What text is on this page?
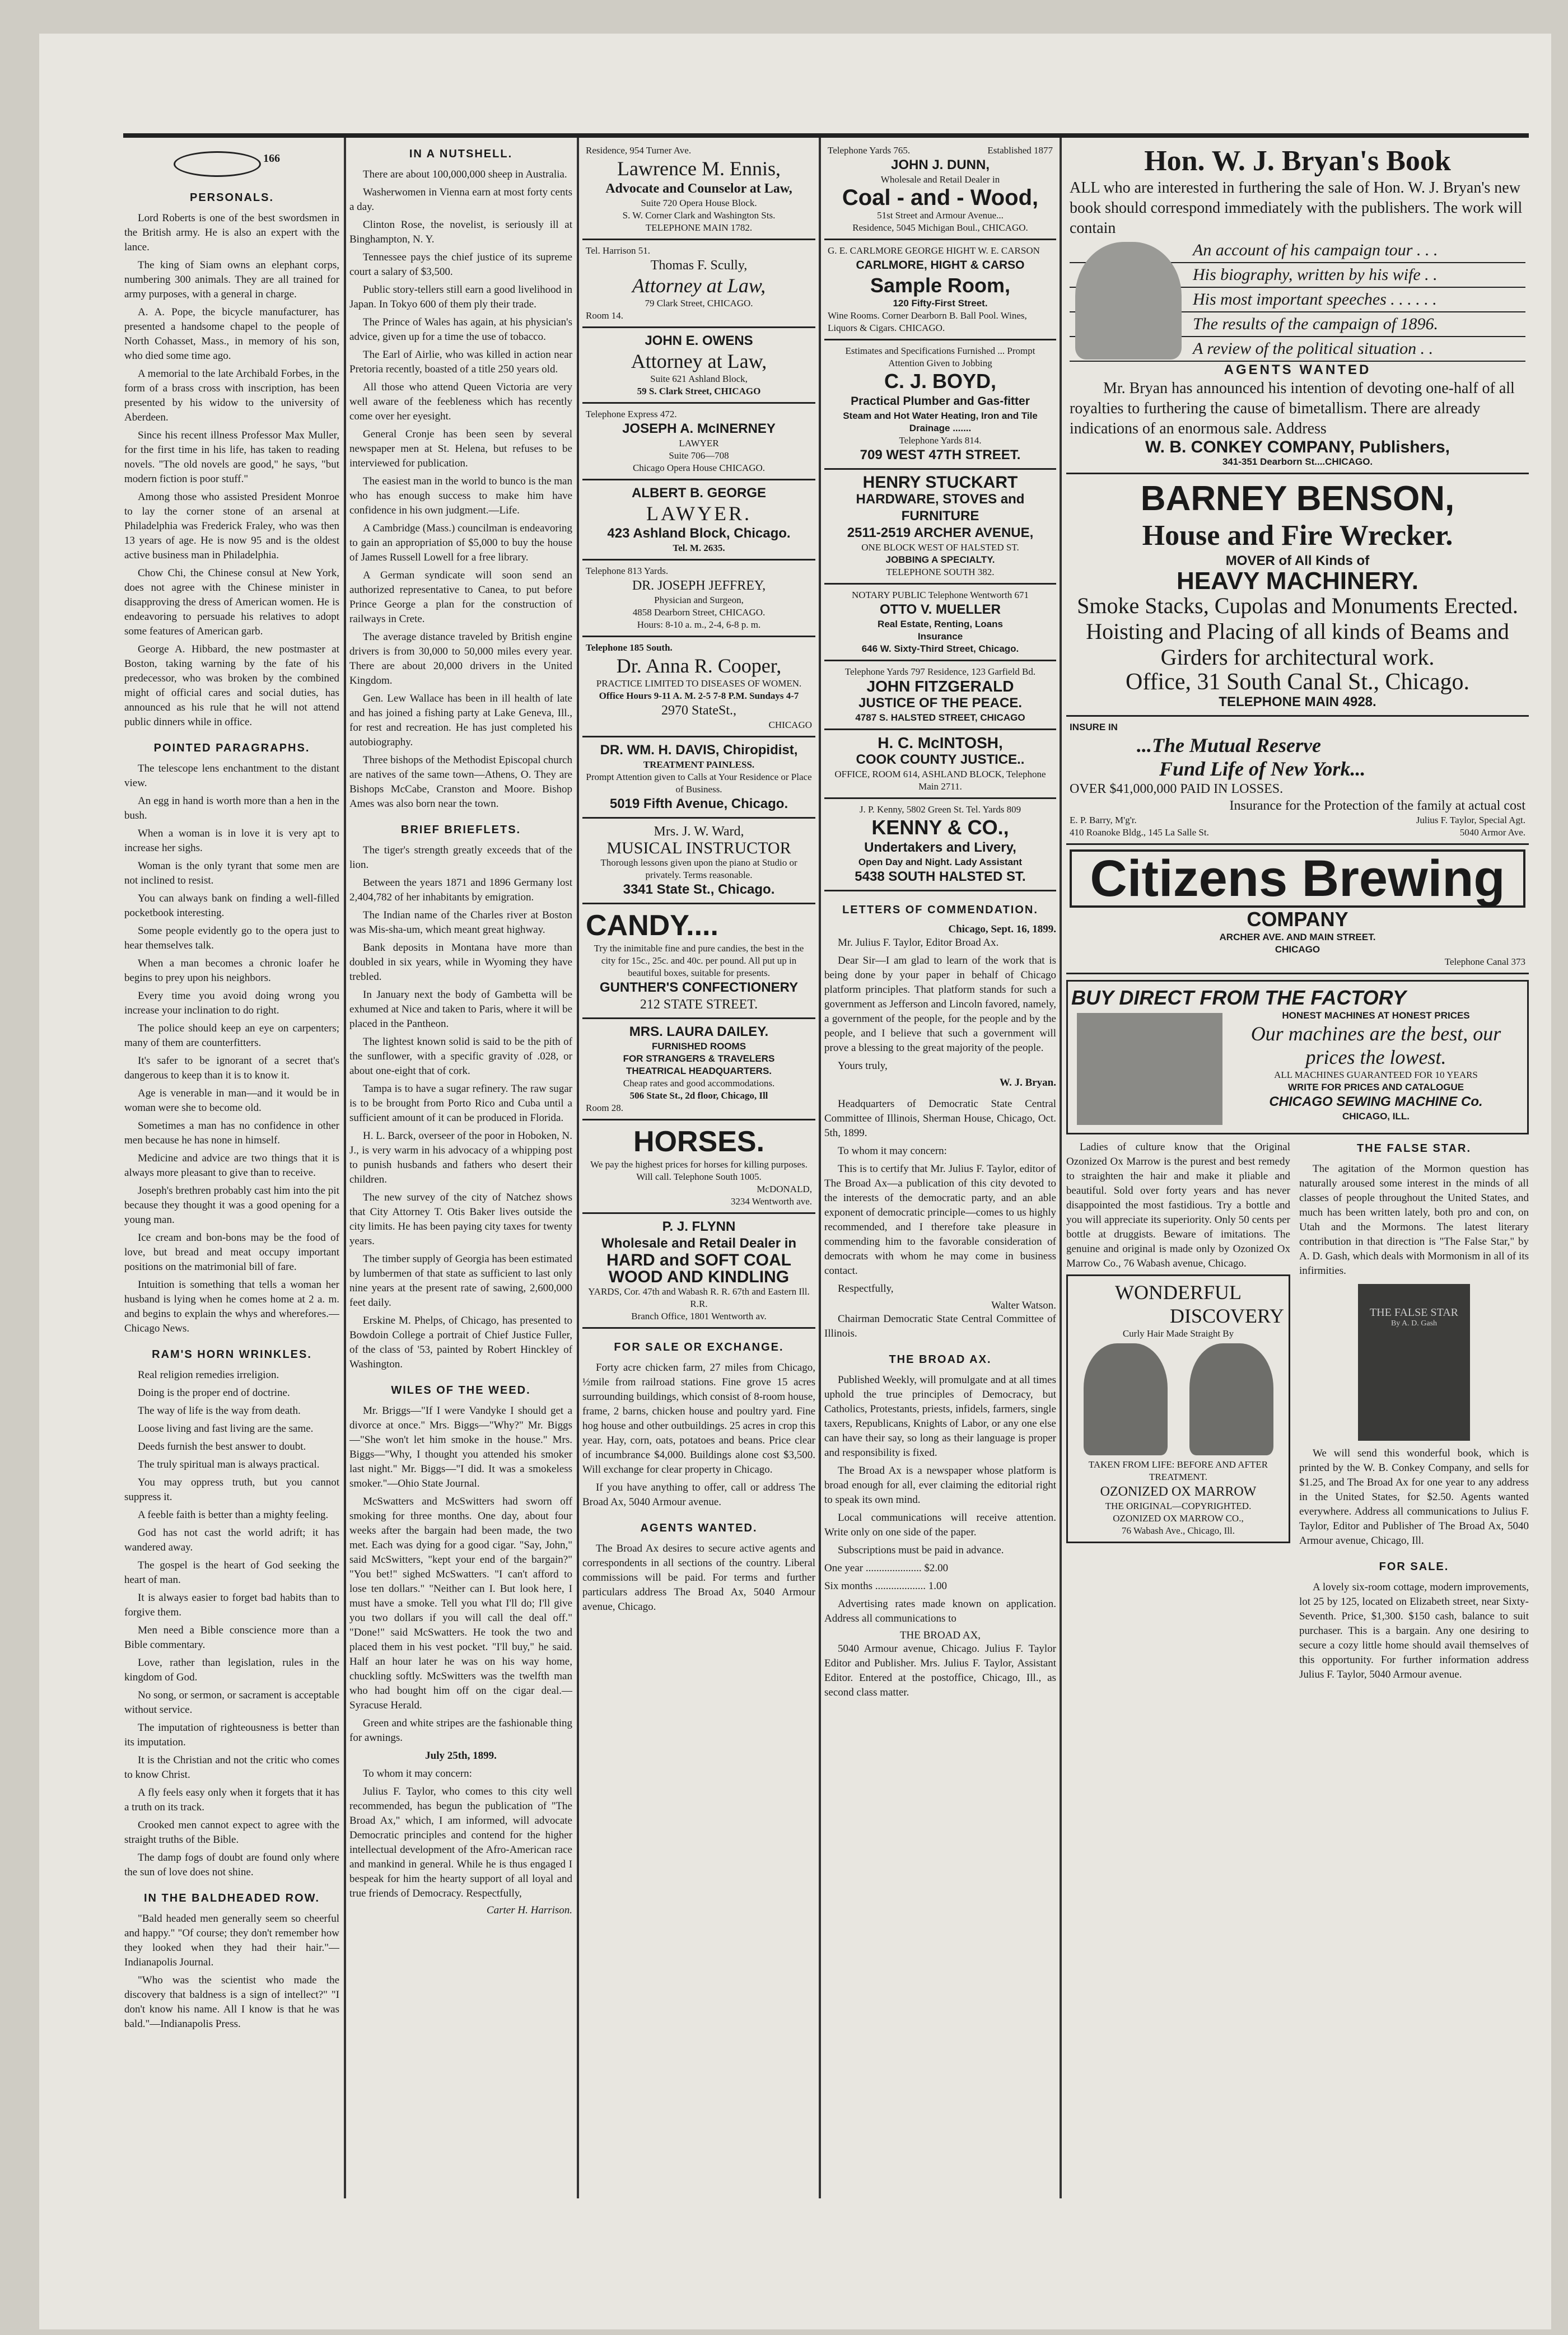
166
PERSONALS.

Lord Roberts is one of the best swordsmen in the British army. He is also an expert with the lance.

The king of Siam owns an elephant corps, numbering 300 animals. They are all trained for army purposes, with a general in charge.

A. A. Pope, the bicycle manufacturer, has presented a handsome chapel to the people of North Cohasset, Mass., in memory of his son, who died some time ago.

A memorial to the late Archibald Forbes, in the form of a brass cross with inscription, has been presented by his widow to the university of Aberdeen.

Since his recent illness Professor Max Muller, for the first time in his life, has taken to reading novels. "The old novels are good," he says, "but modern fiction is poor stuff."

Among those who assisted President Monroe to lay the corner stone of an arsenal at Philadelphia was Frederick Fraley, who was then 13 years of age. He is now 95 and is the oldest active business man in Philadelphia.

Chow Chi, the Chinese consul at New York, does not agree with the Chinese minister in disapproving the dress of American women. He is endeavoring to persuade his relatives to adopt some features of American garb.

George A. Hibbard, the new postmaster at Boston, taking warning by the fate of his predecessor, who was broken by the combined might of official cares and social duties, has announced as his rule that he will not attend public dinners while in office.

POINTED PARAGRAPHS.

The telescope lens enchantment to the distant view.

An egg in hand is worth more than a hen in the bush.

When a woman is in love it is very apt to increase her sighs.

Woman is the only tyrant that some men are not inclined to resist.

You can always bank on finding a well-filled pocketbook interesting.

Some people evidently go to the opera just to hear themselves talk.

When a man becomes a chronic loafer he begins to prey upon his neighbors.

Every time you avoid doing wrong you increase your inclination to do right.

The police should keep an eye on carpenters; many of them are counterfitters.

It's safer to be ignorant of a secret that's dangerous to keep than it is to know it.

Age is venerable in man—and it would be in woman were she to become old.

Sometimes a man has no confidence in other men because he has none in himself.

Medicine and advice are two things that it is always more pleasant to give than to receive.

Joseph's brethren probably cast him into the pit because they thought it was a good opening for a young man.

Ice cream and bon-bons may be the food of love, but bread and meat occupy important positions on the matrimonial bill of fare.

Intuition is something that tells a woman her husband is lying when he comes home at 2 a. m. and begins to explain the whys and wherefores.—Chicago News.

RAM'S HORN WRINKLES.

Real religion remedies irreligion.

Doing is the proper end of doctrine.

The way of life is the way from death.

Loose living and fast living are the same.

Deeds furnish the best answer to doubt.

The truly spiritual man is always practical.

You may oppress truth, but you cannot suppress it.

A feeble faith is better than a mighty feeling.

God has not cast the world adrift; it has wandered away.

The gospel is the heart of God seeking the heart of man.

It is always easier to forget bad habits than to forgive them.

Men need a Bible conscience more than a Bible commentary.

Love, rather than legislation, rules in the kingdom of God.

No song, or sermon, or sacrament is acceptable without service.

The imputation of righteousness is better than its imputation.

It is the Christian and not the critic who comes to know Christ.

A fly feels easy only when it forgets that it has a truth on its track.

Crooked men cannot expect to agree with the straight truths of the Bible.

The damp fogs of doubt are found only where the sun of love does not shine.

IN THE BALDHEADED ROW.

"Bald headed men generally seem so cheerful and happy." "Of course; they don't remember how they looked when they had their hair."—Indianapolis Journal.

"Who was the scientist who made the discovery that baldness is a sign of intellect?" "I don't know his name. All I know is that he was bald."—Indianapolis Press.

IN A NUTSHELL.

There are about 100,000,000 sheep in Australia.

Washerwomen in Vienna earn at most forty cents a day.

Clinton Rose, the novelist, is seriously ill at Binghampton, N. Y.

Tennessee pays the chief justice of its supreme court a salary of $3,500.

Public story-tellers still earn a good livelihood in Japan. In Tokyo 600 of them ply their trade.

The Prince of Wales has again, at his physician's advice, given up for a time the use of tobacco.

The Earl of Airlie, who was killed in action near Pretoria recently, boasted of a title 250 years old.

All those who attend Queen Victoria are very well aware of the feebleness which has recently come over her eyesight.

General Cronje has been seen by several newspaper men at St. Helena, but refuses to be interviewed for publication.

The easiest man in the world to bunco is the man who has enough success to make him have confidence in his own judgment.—Life.

A Cambridge (Mass.) councilman is endeavoring to gain an appropriation of $5,000 to buy the house of James Russell Lowell for a free library.

A German syndicate will soon send an authorized representative to Canea, to put before Prince George a plan for the construction of railways in Crete.

The average distance traveled by British engine drivers is from 30,000 to 50,000 miles every year. There are about 20,000 drivers in the United Kingdom.

Gen. Lew Wallace has been in ill health of late and has joined a fishing party at Lake Geneva, Ill., for rest and recreation. He has just completed his autobiography.

Three bishops of the Methodist Episcopal church are natives of the same town—Athens, O. They are Bishops McCabe, Cranston and Moore. Bishop Ames was also born near the town.

BRIEF BRIEFLETS.

The tiger's strength greatly exceeds that of the lion.

Between the years 1871 and 1896 Germany lost 2,404,782 of her inhabitants by emigration.

The Indian name of the Charles river at Boston was Mis-sha-um, which meant great highway.

Bank deposits in Montana have more than doubled in six years, while in Wyoming they have trebled.

In January next the body of Gambetta will be exhumed at Nice and taken to Paris, where it will be placed in the Pantheon.

The lightest known solid is said to be the pith of the sunflower, with a specific gravity of .028, or about one-eight that of cork.

Tampa is to have a sugar refinery. The raw sugar is to be brought from Porto Rico and Cuba until a sufficient amount of it can be produced in Florida.

H. L. Barck, overseer of the poor in Hoboken, N. J., is very warm in his advocacy of a whipping post to punish husbands and fathers who desert their children.

The new survey of the city of Natchez shows that City Attorney T. Otis Baker lives outside the city limits. He has been paying city taxes for twenty years.

The timber supply of Georgia has been estimated by lumbermen of that state as sufficient to last only nine years at the present rate of sawing, 2,600,000 feet daily.

Erskine M. Phelps, of Chicago, has presented to Bowdoin College a portrait of Chief Justice Fuller, of the class of '53, painted by Robert Hinckley of Washington.

WILES OF THE WEED.

Mr. Briggs—"If I were Vandyke I should get a divorce at once." Mrs. Biggs—"Why?" Mr. Biggs—"She won't let him smoke in the house." Mrs. Biggs—"Why, I thought you attended his smoker last night." Mr. Biggs—"I did. It was a smokeless smoker."—Ohio State Journal.

McSwatters and McSwitters had sworn off smoking for three months. One day, about four weeks after the bargain had been made, the two met. Each was dying for a good cigar. "Say, John," said McSwitters, "kept your end of the bargain?" "You bet!" sighed McSwatters. "I can't afford to lose ten dollars." "Neither can I. But look here, I must have a smoke. Tell you what I'll do; I'll give you two dollars if you will call the deal off." "Done!" said McSwatters. He took the two and placed them in his vest pocket. "I'll buy," he said. Half an hour later he was on his way home, chuckling softly. McSwitters was the twelfth man who had bought him off on the cigar deal.—Syracuse Herald.

Green and white stripes are the fashionable thing for awnings.

July 25th, 1899.

To whom it may concern:

Julius F. Taylor, who comes to this city well recommended, has begun the publication of "The Broad Ax," which, I am informed, will advocate Democratic principles and contend for the higher intellectual development of the Afro-American race and mankind in general. While he is thus engaged I bespeak for him the hearty support of all loyal and true friends of Democracy. Respectfully,

Carter H. Harrison.
Residence, 954 Turner Ave.
Lawrence M. Ennis,
Advocate and Counselor at Law,
Suite 720 Opera House Block.
S. W. Corner Clark and Washington Sts.
TELEPHONE MAIN 1782.
Tel. Harrison 51.
Thomas F. Scully,
Attorney at Law,
79 Clark Street, CHICAGO.
Room 14.
JOHN E. OWENS
Attorney at Law,
Suite 621 Ashland Block,
59 S. Clark Street, CHICAGO
Telephone Express 472.
JOSEPH A. McINERNEY
LAWYER
Suite 706—708
Chicago Opera House CHICAGO.
ALBERT B. GEORGE
LAWYER.
423 Ashland Block, Chicago.
Tel. M. 2635.
Telephone 813 Yards.
DR. JOSEPH JEFFREY,
Physician and Surgeon,
4858 Dearborn Street, CHICAGO.
Hours: 8-10 a. m., 2-4, 6-8 p. m.
Telephone 185 South.
Dr. Anna R. Cooper,
PRACTICE LIMITED TO DISEASES OF WOMEN.
Office Hours 9-11 A. M. 2-5 7-8 P.M. Sundays 4-7
2970 StateSt.,
CHICAGO
DR. WM. H. DAVIS, Chiropidist,
TREATMENT PAINLESS.
Prompt Attention given to Calls at Your Residence or Place of Business.
5019 Fifth Avenue, Chicago.
Mrs. J. W. Ward,
MUSICAL INSTRUCTOR
Thorough lessons given upon the piano at Studio or privately. Terms reasonable.
3341 State St., Chicago.
CANDY....
Try the inimitable fine and pure candies, the best in the city for 15c., 25c. and 40c. per pound. All put up in beautiful boxes, suitable for presents.
GUNTHER'S CONFECTIONERY
212 STATE STREET.
MRS. LAURA DAILEY.
FURNISHED ROOMS
FOR STRANGERS & TRAVELERS
THEATRICAL HEADQUARTERS.
Cheap rates and good accommodations.
506 State St., 2d floor, Chicago, Ill
Room 28.
HORSES.
We pay the highest prices for horses for killing purposes. Will call. Telephone South 1005.
McDONALD,
3234 Wentworth ave.
P. J. FLYNN
Wholesale and Retail Dealer in
HARD and SOFT COAL
WOOD AND KINDLING
YARDS, Cor. 47th and Wabash R. R. 67th and Eastern Ill. R.R.
Branch Office, 1801 Wentworth av.
FOR SALE OR EXCHANGE.

Forty acre chicken farm, 27 miles from Chicago, ½mile from railroad stations. Fine grove 15 acres surrounding buildings, which consist of 8-room house, frame, 2 barns, chicken house and poultry yard. Fine hog house and other outbuildings. 25 acres in crop this year. Hay, corn, oats, potatoes and beans. Price clear of incumbrance $4,000. Buildings alone cost $3,500. Will exchange for clear property in Chicago.

If you have anything to offer, call or address The Broad Ax, 5040 Armour avenue.

AGENTS WANTED.

The Broad Ax desires to secure active agents and correspondents in all sections of the country. Liberal commissions will be paid. For terms and further particulars address The Broad Ax, 5040 Armour avenue, Chicago.

Telephone Yards 765.	Established 1877
JOHN J. DUNN,
Wholesale and Retail Dealer in
Coal - and - Wood,
51st Street and Armour Avenue...
Residence, 5045 Michigan Boul., CHICAGO.
G. E. CARLMORE GEORGE HIGHT W. E. CARSON
CARLMORE, HIGHT & CARSO
Sample Room,
120 Fifty-First Street.
Wine Rooms. Corner Dearborn B. Ball Pool. Wines, Liquors & Cigars. CHICAGO.
Estimates and Specifications Furnished ... Prompt Attention Given to Jobbing
C. J. BOYD,
Practical Plumber and Gas-fitter
Steam and Hot Water Heating, Iron and Tile Drainage .......
Telephone Yards 814.
709 WEST 47TH STREET.
HENRY STUCKART
HARDWARE, STOVES and FURNITURE
2511-2519 ARCHER AVENUE,
ONE BLOCK WEST OF HALSTED ST.
JOBBING A SPECIALTY.
TELEPHONE SOUTH 382.
NOTARY PUBLIC Telephone Wentworth 671
OTTO V. MUELLER
Real Estate, Renting, Loans
Insurance
646 W. Sixty-Third Street, Chicago.
Telephone Yards 797 Residence, 123 Garfield Bd.
JOHN FITZGERALD
JUSTICE OF THE PEACE.
4787 S. HALSTED STREET, CHICAGO
H. C. McINTOSH,
COOK COUNTY JUSTICE..
OFFICE, ROOM 614, ASHLAND BLOCK, Telephone Main 2711.
J. P. Kenny, 5802 Green St. Tel. Yards 809
KENNY & CO.,
Undertakers and Livery,
Open Day and Night. Lady Assistant
5438 SOUTH HALSTED ST.
LETTERS OF COMMENDATION.
Chicago, Sept. 16, 1899.

Mr. Julius F. Taylor, Editor Broad Ax.

Dear Sir—I am glad to learn of the work that is being done by your paper in behalf of Chicago platform principles. That platform stands for such a government as Jefferson and Lincoln favored, namely, a government of the people, for the people and by the people, and I believe that such a government will prove a blessing to the great majority of the people.

Yours truly,

W. J. Bryan.

Headquarters of Democratic State Central Committee of Illinois, Sherman House, Chicago, Oct. 5th, 1899.

To whom it may concern:

This is to certify that Mr. Julius F. Taylor, editor of The Broad Ax—a publication of this city devoted to the interests of the democratic party, and an able exponent of democratic principle—comes to us highly recommended, and I therefore take pleasure in commending him to the favorable consideration of democrats with whom he may come in business contact.

Respectfully,

Walter Watson.

Chairman Democratic State Central Committee of Illinois.

THE BROAD AX.

Published Weekly, will promulgate and at all times uphold the true principles of Democracy, but Catholics, Protestants, priests, infidels, farmers, single taxers, Republicans, Knights of Labor, or any one else can have their say, so long as their language is proper and responsibility is fixed.

The Broad Ax is a newspaper whose platform is broad enough for all, ever claiming the editorial right to speak its own mind.

Local communications will receive attention. Write only on one side of the paper.

Subscriptions must be paid in advance.

One year ..................... $2.00

Six months ................... 1.00

Advertising rates made known on application. Address all communications to

THE BROAD AX,

5040 Armour avenue, Chicago. Julius F. Taylor Editor and Publisher. Mrs. Julius F. Taylor, Assistant Editor. Entered at the postoffice, Chicago, Ill., as second class matter.

Hon. W. J. Bryan's Book
ALL who are interested in furthering the sale of Hon. W. J. Bryan's new book should correspond immediately with the publishers. The work will contain
An account of his campaign tour . . .
His biography, written by his wife . .
His most important speeches . . . . . .
The results of the campaign of 1896.
A review of the political situation . .
AGENTS WANTED
Mr. Bryan has announced his intention of devoting one-half of all royalties to furthering the cause of bimetallism. There are already indications of an enormous sale. Address
W. B. CONKEY COMPANY, Publishers,
341-351 Dearborn St....CHICAGO.
BARNEY BENSON,
House and Fire Wrecker.
MOVER of All Kinds of
HEAVY MACHINERY.
Smoke Stacks, Cupolas and Monuments Erected. Hoisting and Placing of all kinds of Beams and Girders for architectural work.
Office, 31 South Canal St., Chicago.
TELEPHONE MAIN 4928.
INSURE IN
...The Mutual Reserve
Fund Life of New York...
OVER $41,000,000 PAID IN LOSSES.
Insurance for the Protection of the family at actual cost
E. P. Barry, M'g'r.	Julius F. Taylor, Special Agt.
410 Roanoke Bldg., 145 La Salle St.	5040 Armor Ave.
Citizens Brewing
COMPANY
ARCHER AVE. AND MAIN STREET.
CHICAGO
Telephone Canal 373
BUY DIRECT FROM THE FACTORY
HONEST MACHINES AT HONEST PRICES
Our machines are the best, our prices the lowest.
ALL MACHINES GUARANTEED FOR 10 YEARS
WRITE FOR PRICES AND CATALOGUE
CHICAGO SEWING MACHINE Co.
CHICAGO, ILL.

Ladies of culture know that the Original Ozonized Ox Marrow is the purest and best remedy to straighten the hair and make it pliable and beautiful. Sold over forty years and has never disappointed the most fastidious. Try a bottle and you will appreciate its superiority. Only 50 cents per bottle at druggists. Beware of imitations. The genuine and original is made only by Ozonized Ox Marrow Co., 76 Wabash avenue, Chicago.

WONDERFUL
DISCOVERY
Curly Hair Made Straight By
TAKEN FROM LIFE: BEFORE AND AFTER TREATMENT.
OZONIZED OX MARROW
THE ORIGINAL—COPYRIGHTED.
OZONIZED OX MARROW CO.,
76 Wabash Ave., Chicago, Ill.
THE FALSE STAR.

The agitation of the Mormon question has naturally aroused some interest in the minds of all classes of people throughout the United States, and much has been written lately, both pro and con, on Utah and the Mormons. The latest literary contribution in that direction is "The False Star," by A. D. Gash, which deals with Mormonism in all of its infirmities.

THE FALSE STAR
By A. D. Gash

We will send this wonderful book, which is printed by the W. B. Conkey Company, and sells for $1.25, and The Broad Ax for one year to any address in the United States, for $2.50. Agents wanted everywhere. Address all communications to Julius F. Taylor, Editor and Publisher of The Broad Ax, 5040 Armour avenue, Chicago, Ill.

FOR SALE.

A lovely six-room cottage, modern improvements, lot 25 by 125, located on Elizabeth street, near Sixty-Seventh. Price, $1,300. $150 cash, balance to suit purchaser. This is a bargain. Any one desiring to secure a cozy little home should avail themselves of this opportunity. For further information address Julius F. Taylor, 5040 Armour avenue.
